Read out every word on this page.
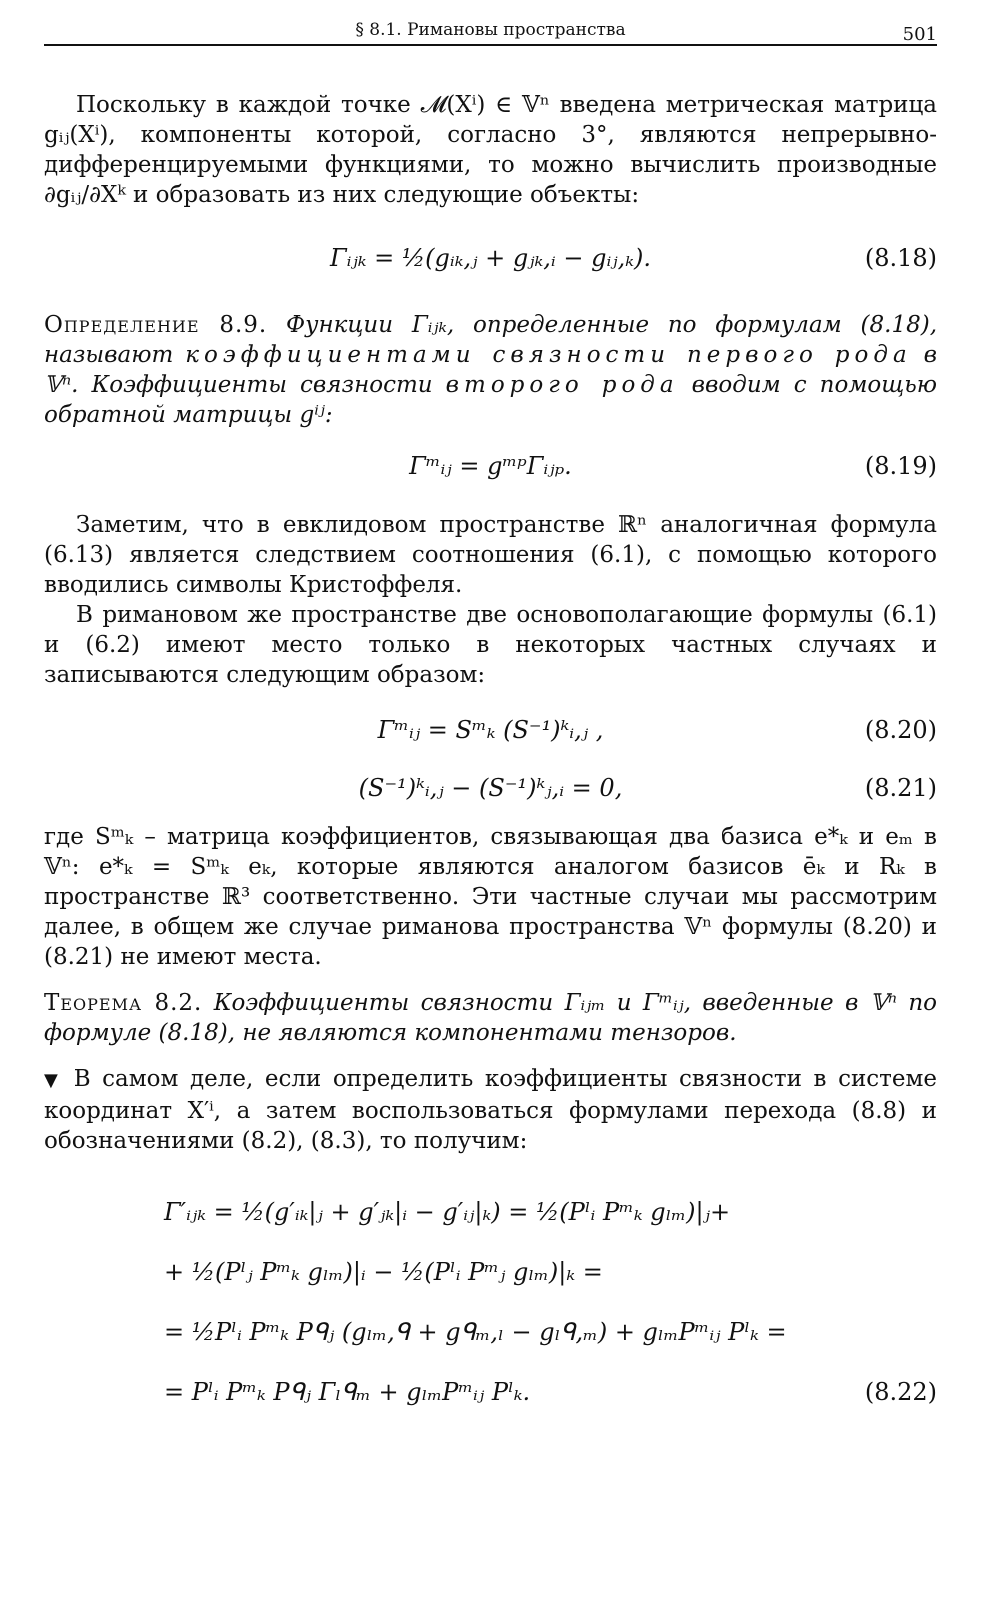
§ 8.1. Римановы пространства	501

Поскольку в каждой точке 𝓜(Xⁱ) ∈ 𝕍ⁿ введена метрическая матрица gᵢⱼ(Xⁱ), компоненты которой, согласно 3°, являются непрерывно-дифференцируемыми функциями, то можно вычислить производные ∂gᵢⱼ/∂Xᵏ и образовать из них следующие объекты:

Γᵢⱼₖ = ½(gᵢₖ,ⱼ + gⱼₖ,ᵢ − gᵢⱼ,ₖ).	(8.18)
Определение 8.9. Функции Γᵢⱼₖ, определенные по формулам (8.18), называют коэффициентами связности первого рода в 𝕍ⁿ. Коэффициенты связности второго рода вводим с помощью обратной матрицы gⁱʲ:
Γᵐᵢⱼ = gᵐᵖΓᵢⱼₚ.	(8.19)

Заметим, что в евклидовом пространстве ℝⁿ аналогичная формула (6.13) является следствием соотношения (6.1), с помощью которого вводились символы Кристоффеля.

В римановом же пространстве две основополагающие формулы (6.1) и (6.2) имеют место только в некоторых частных случаях и записываются следующим образом:

Γᵐᵢⱼ = Sᵐₖ (S⁻¹)ᵏᵢ,ⱼ ,	(8.20)
(S⁻¹)ᵏᵢ,ⱼ − (S⁻¹)ᵏⱼ,ᵢ = 0,	(8.21)

где Sᵐₖ – матрица коэффициентов, связывающая два базиса e*ₖ и eₘ в 𝕍ⁿ: e*ₖ = Sᵐₖ eₖ, которые являются аналогом базисов ēₖ и Rₖ в пространстве ℝ³ соответственно. Эти частные случаи мы рассмотрим далее, в общем же случае риманова пространства 𝕍ⁿ формулы (8.20) и (8.21) не имеют места.

Теорема 8.2. Коэффициенты связности Γᵢⱼₘ и Γᵐᵢⱼ, введенные в 𝕍ⁿ по формуле (8.18), не являются компонентами тензоров.

▼ В самом деле, если определить коэффициенты связности в системе координат X′ⁱ, а затем воспользоваться формулами перехода (8.8) и обозначениями (8.2), (8.3), то получим:

Γ′ᵢⱼₖ = ½(g′ᵢₖ|ⱼ + g′ⱼₖ|ᵢ − g′ᵢⱼ|ₖ) = ½(Pˡᵢ Pᵐₖ gₗₘ)|ⱼ+
+ ½(Pˡⱼ Pᵐₖ gₗₘ)|ᵢ − ½(Pˡᵢ Pᵐⱼ gₗₘ)|ₖ =
= ½Pˡᵢ Pᵐₖ Pᑫⱼ (gₗₘ,ᑫ + gᑫₘ,ₗ − gₗᑫ,ₘ) + gₗₘPᵐᵢⱼ Pˡₖ =
= Pˡᵢ Pᵐₖ Pᑫⱼ Γₗᑫₘ + gₗₘPᵐᵢⱼ Pˡₖ.	(8.22)
